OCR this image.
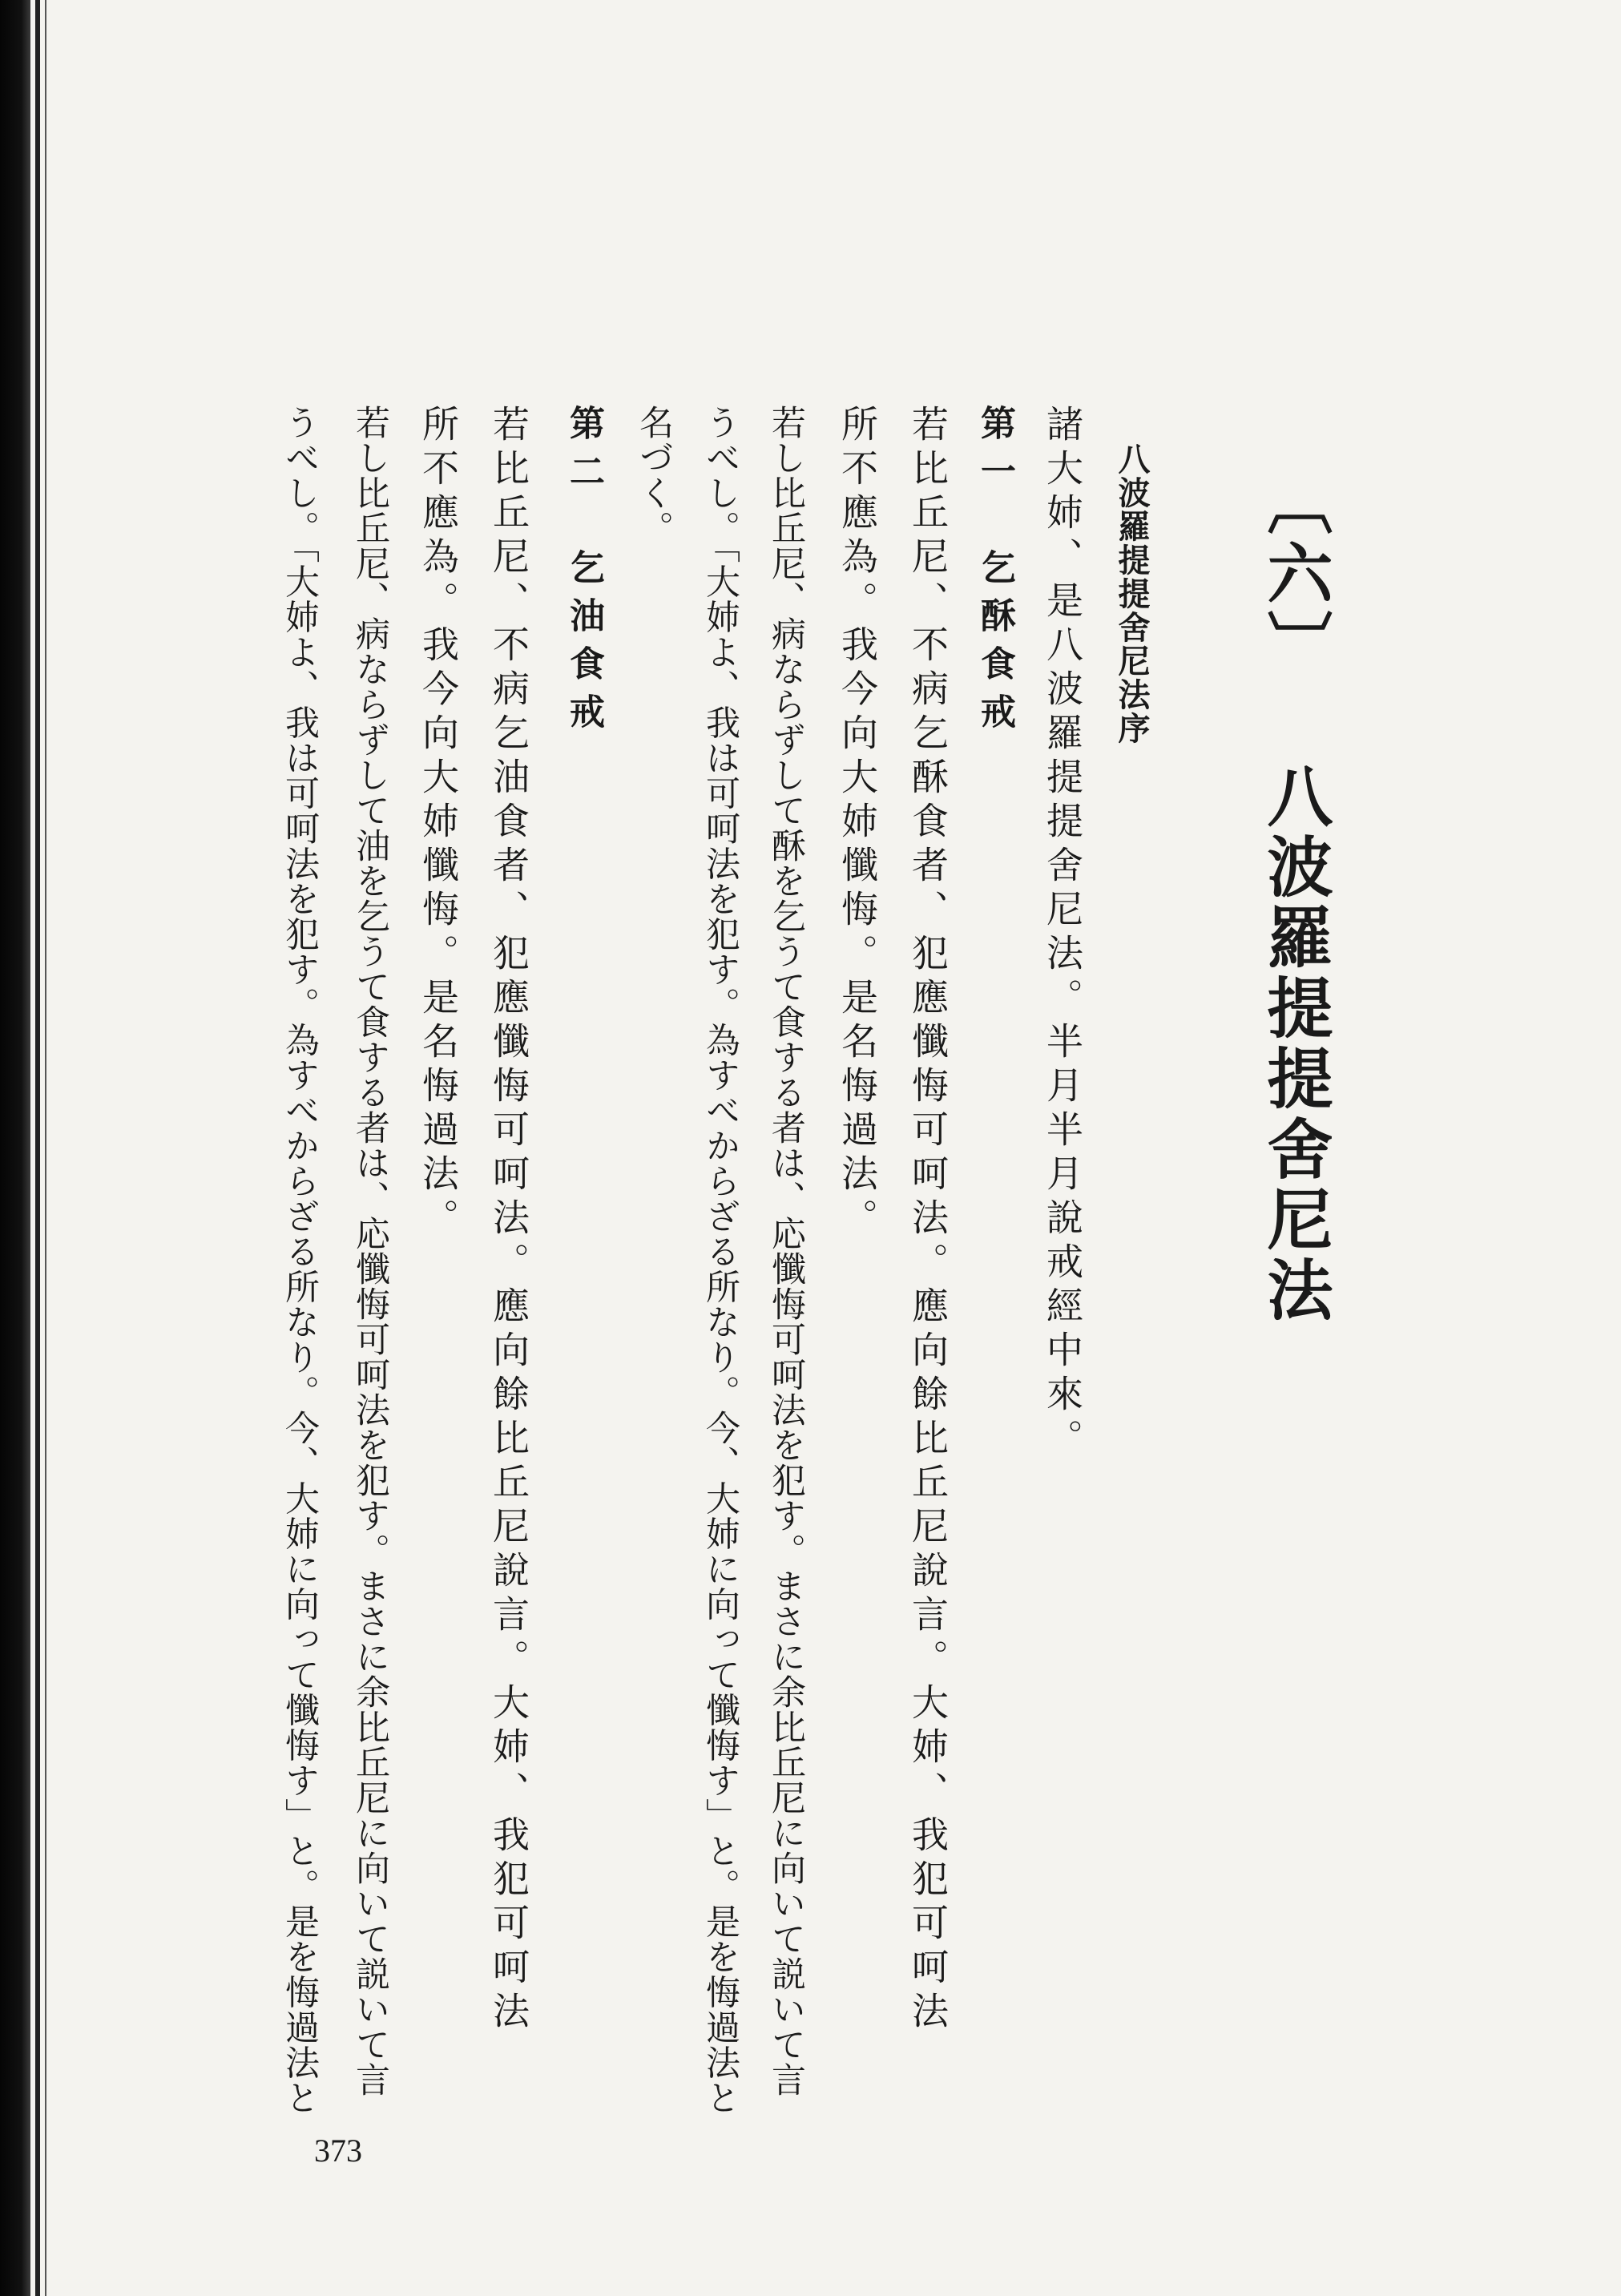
〔六〕 八波羅提提舍尼法
八波羅提提舍尼法序
諸大姉、是八波羅提提舍尼法。半月半月說戒經中來。
第一　乞酥食戒
若比丘尼、不病乞酥食者、犯應懺悔可呵法。應向餘比丘尼說言。大姉、我犯可呵法
所不應為。我今向大姉懺悔。是名悔過法。
若し比丘尼、病ならずして酥を乞うて食する者は、応懺悔可呵法を犯す。まさに余比丘尼に向いて説いて言
うべし。「大姉よ、我は可呵法を犯す。為すべからざる所なり。今、大姉に向って懺悔す」と。是を悔過法と
名づく。
第二　乞油食戒
若比丘尼、不病乞油食者、犯應懺悔可呵法。應向餘比丘尼說言。大姉、我犯可呵法
所不應為。我今向大姉懺悔。是名悔過法。
若し比丘尼、病ならずして油を乞うて食する者は、応懺悔可呵法を犯す。まさに余比丘尼に向いて説いて言
うべし。「大姉よ、我は可呵法を犯す。為すべからざる所なり。今、大姉に向って懺悔す」と。是を悔過法と
373
